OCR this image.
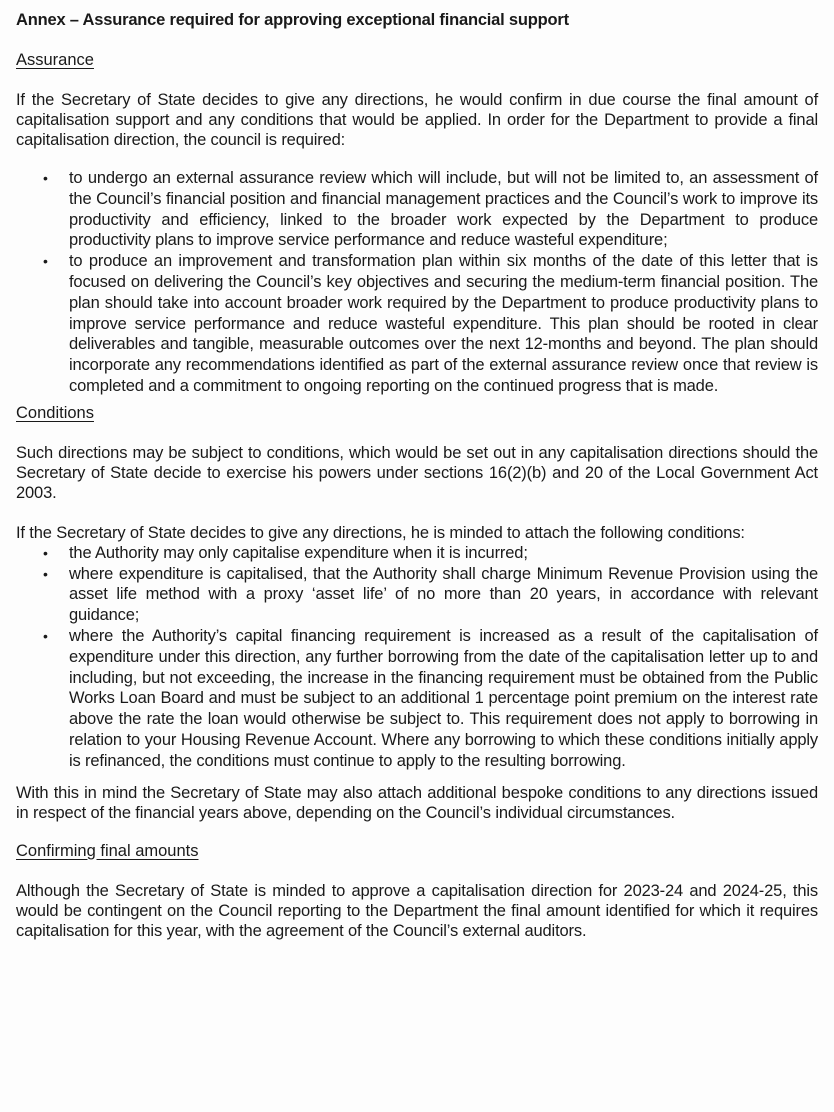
Annex – Assurance required for approving exceptional financial support

Assurance

If the Secretary of State decides to give any directions, he would confirm in due course the final amount of capitalisation support and any conditions that would be applied. In order for the Department to provide a final capitalisation direction, the council is required:

• to undergo an external assurance review which will include, but will not be limited to, an assessment of the Council’s financial position and financial management practices and the Council’s work to improve its productivity and efficiency, linked to the broader work expected by the Department to produce productivity plans to improve service performance and reduce wasteful expenditure;
• to produce an improvement and transformation plan within six months of the date of this letter that is focused on delivering the Council’s key objectives and securing the medium-term financial position. The plan should take into account broader work required by the Department to produce productivity plans to improve service performance and reduce wasteful expenditure. This plan should be rooted in clear deliverables and tangible, measurable outcomes over the next 12-months and beyond. The plan should incorporate any recommendations identified as part of the external assurance review once that review is completed and a commitment to ongoing reporting on the continued progress that is made.

Conditions

Such directions may be subject to conditions, which would be set out in any capitalisation directions should the Secretary of State decide to exercise his powers under sections 16(2)(b) and 20 of the Local Government Act 2003.

If the Secretary of State decides to give any directions, he is minded to attach the following conditions:

• the Authority may only capitalise expenditure when it is incurred;
• where expenditure is capitalised, that the Authority shall charge Minimum Revenue Provision using the asset life method with a proxy ‘asset life’ of no more than 20 years, in accordance with relevant guidance;
• where the Authority’s capital financing requirement is increased as a result of the capitalisation of expenditure under this direction, any further borrowing from the date of the capitalisation letter up to and including, but not exceeding, the increase in the financing requirement must be obtained from the Public Works Loan Board and must be subject to an additional 1 percentage point premium on the interest rate above the rate the loan would otherwise be subject to. This requirement does not apply to borrowing in relation to your Housing Revenue Account. Where any borrowing to which these conditions initially apply is refinanced, the conditions must continue to apply to the resulting borrowing.

With this in mind the Secretary of State may also attach additional bespoke conditions to any directions issued in respect of the financial years above, depending on the Council’s individual circumstances.

Confirming final amounts

Although the Secretary of State is minded to approve a capitalisation direction for 2023-24 and 2024-25, this would be contingent on the Council reporting to the Department the final amount identified for which it requires capitalisation for this year, with the agreement of the Council’s external auditors.
